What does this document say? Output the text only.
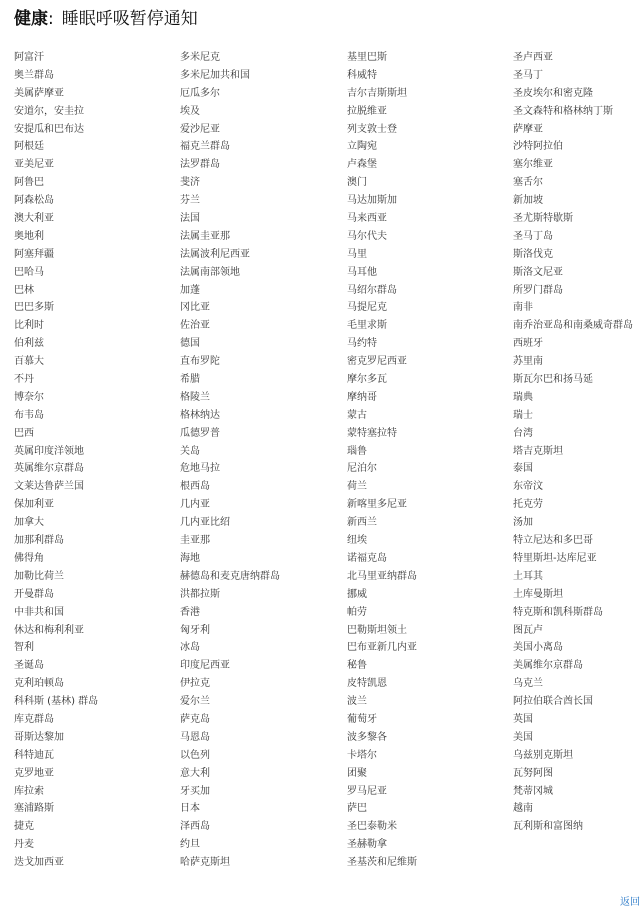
健康: 睡眠呼吸暂停通知
阿富汗
奥兰群岛
美属萨摩亚
安道尔，安圭拉
安提瓜和巴布达
阿根廷
亚美尼亚
阿鲁巴
阿森松岛
澳大利亚
奥地利
阿塞拜疆
巴哈马
巴林
巴巴多斯
比利时
伯利兹
百慕大
不丹
博奈尔
布韦岛
巴西
英属印度洋领地
英属维尔京群岛
文莱达鲁萨兰国
保加利亚
加拿大
加那利群岛
佛得角
加勒比荷兰
开曼群岛
中非共和国
休达和梅利利亚
智利
圣诞岛
克利珀顿岛
科科斯 (基林) 群岛
库克群岛
哥斯达黎加
科特迪瓦
克罗地亚
库拉索
塞浦路斯
捷克
丹麦
迭戈加西亚
多米尼克
多米尼加共和国
厄瓜多尔
埃及
爱沙尼亚
福克兰群岛
法罗群岛
斐济
芬兰
法国
法属圭亚那
法属波利尼西亚
法属南部领地
加蓬
冈比亚
佐治亚
德国
直布罗陀
希腊
格陵兰
格林纳达
瓜德罗普
关岛
危地马拉
根西岛
几内亚
几内亚比绍
圭亚那
海地
赫德岛和麦克唐纳群岛
洪都拉斯
香港
匈牙利
冰岛
印度尼西亚
伊拉克
爱尔兰
萨克岛
马恩岛
以色列
意大利
牙买加
日本
泽西岛
约旦
哈萨克斯坦
基里巴斯
科威特
吉尔吉斯斯坦
拉脱维亚
列支敦士登
立陶宛
卢森堡
澳门
马达加斯加
马来西亚
马尔代夫
马里
马耳他
马绍尔群岛
马提尼克
毛里求斯
马约特
密克罗尼西亚
摩尔多瓦
摩纳哥
蒙古
蒙特塞拉特
瑙鲁
尼泊尔
荷兰
新喀里多尼亚
新西兰
纽埃
诺福克岛
北马里亚纳群岛
挪威
帕劳
巴勒斯坦领土
巴布亚新几内亚
秘鲁
皮特凯恩
波兰
葡萄牙
波多黎各
卡塔尔
团聚
罗马尼亚
萨巴
圣巴泰勒米
圣赫勒拿
圣基茨和尼维斯
圣卢西亚
圣马丁
圣皮埃尔和密克隆
圣文森特和格林纳丁斯
萨摩亚
沙特阿拉伯
塞尔维亚
塞舌尔
新加坡
圣尤斯特歇斯
圣马丁岛
斯洛伐克
斯洛文尼亚
所罗门群岛
南非
南乔治亚岛和南桑威奇群岛
西班牙
苏里南
斯瓦尔巴和扬马延
瑞典
瑞士
台湾
塔吉克斯坦
泰国
东帝汶
托克劳
汤加
特立尼达和多巴哥
特里斯坦-达库尼亚
土耳其
土库曼斯坦
特克斯和凯科斯群岛
图瓦卢
美国小离岛
美属维尔京群岛
乌克兰
阿拉伯联合酋长国
英国
美国
乌兹别克斯坦
瓦努阿图
梵蒂冈城
越南
瓦利斯和富图纳
返回
